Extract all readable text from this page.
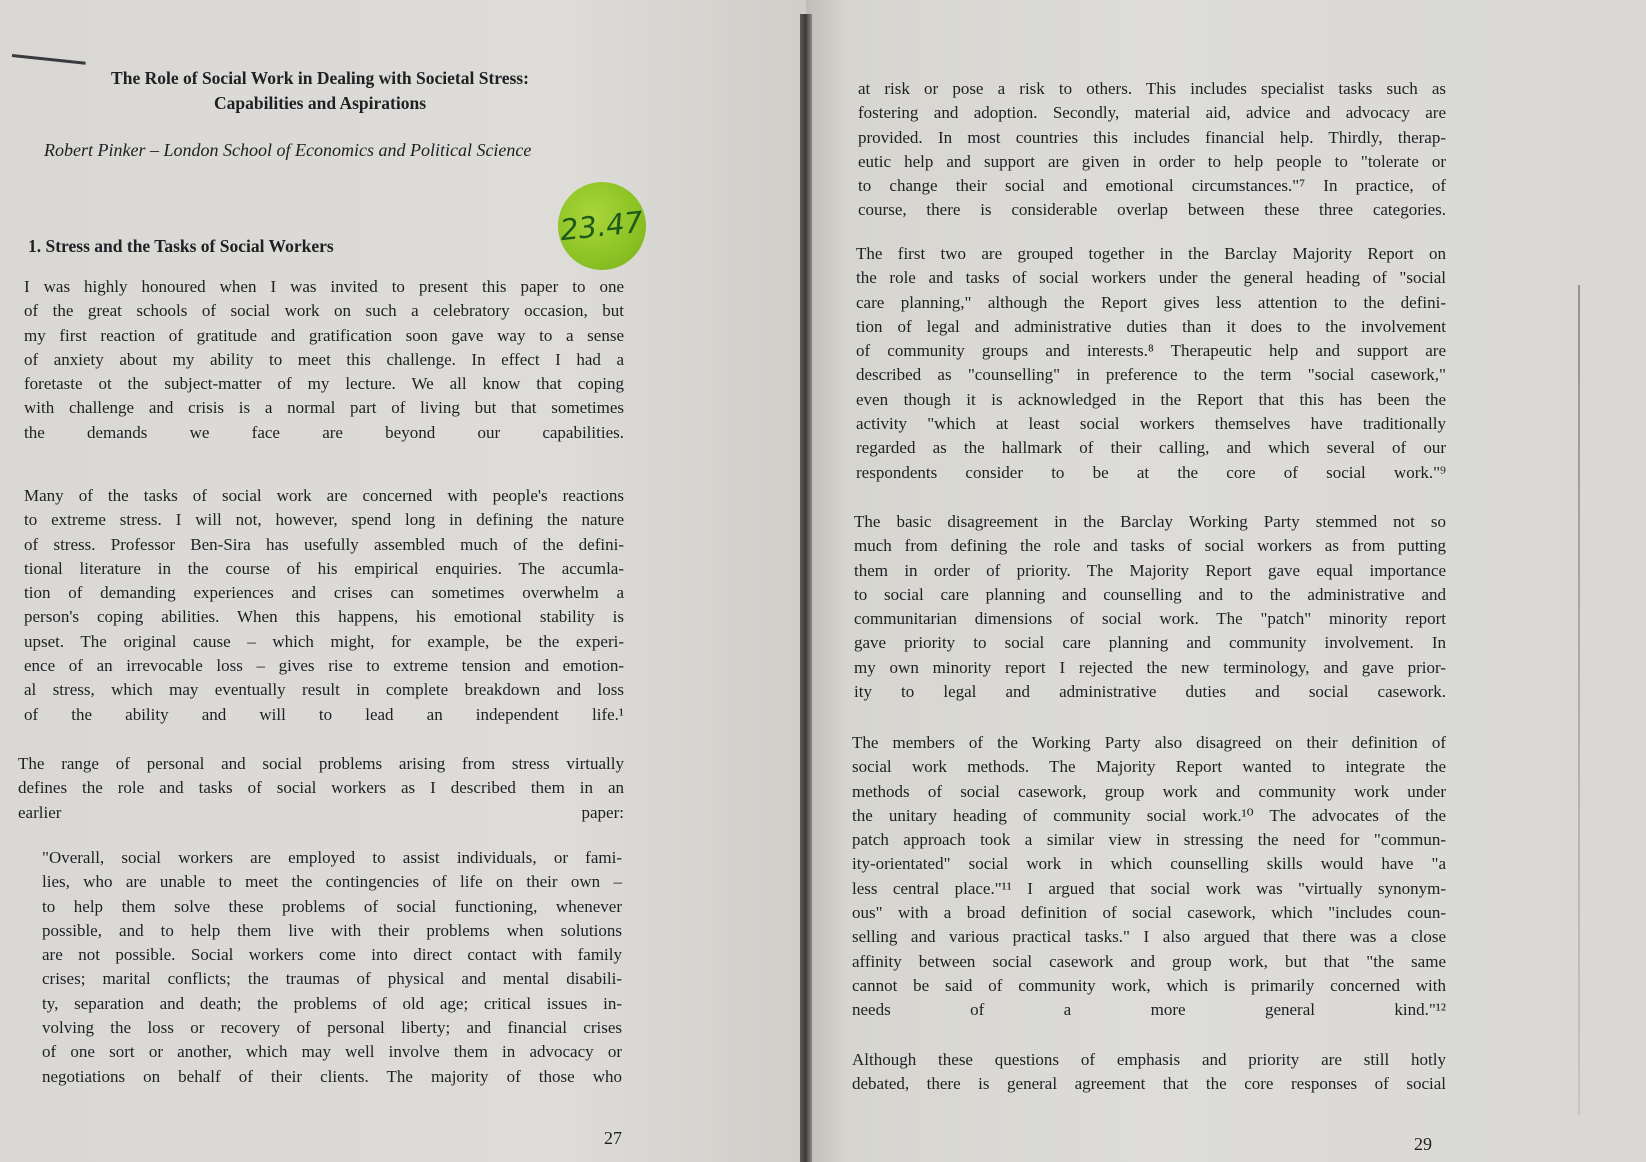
The Role of Social Work in Dealing with Societal Stress:
Capabilities and Aspirations
Robert Pinker – London School of Economics and Political Science
23.47
1. Stress and the Tasks of Social Workers
I was highly honoured when I was invited to present this paper to one
of the great schools of social work on such a celebratory occasion, but
my first reaction of gratitude and gratification soon gave way to a sense
of anxiety about my ability to meet this challenge. In effect I had a
foretaste ot the subject-matter of my lecture. We all know that coping
with challenge and crisis is a normal part of living but that sometimes
the demands we face are beyond our capabilities.
Many of the tasks of social work are concerned with people's reactions
to extreme stress. I will not, however, spend long in defining the nature
of stress. Professor Ben-Sira has usefully assembled much of the defini-
tional literature in the course of his empirical enquiries. The accumla-
tion of demanding experiences and crises can sometimes overwhelm a
person's coping abilities. When this happens, his emotional stability is
upset. The original cause – which might, for example, be the experi-
ence of an irrevocable loss – gives rise to extreme tension and emotion-
al stress, which may eventually result in complete breakdown and loss
of the ability and will to lead an independent life.¹
The range of personal and social problems arising from stress virtually
defines the role and tasks of social workers as I described them in an
earlier paper:
"Overall, social workers are employed to assist individuals, or fami-
lies, who are unable to meet the contingencies of life on their own –
to help them solve these problems of social functioning, whenever
possible, and to help them live with their problems when solutions
are not possible. Social workers come into direct contact with family
crises; marital conflicts; the traumas of physical and mental disabili-
ty, separation and death; the problems of old age; critical issues in-
volving the loss or recovery of personal liberty; and financial crises
of one sort or another, which may well involve them in advocacy or
negotiations on behalf of their clients. The majority of those who
27
at risk or pose a risk to others. This includes specialist tasks such as
fostering and adoption. Secondly, material aid, advice and advocacy are
provided. In most countries this includes financial help. Thirdly, therap-
eutic help and support are given in order to help people to "tolerate or
to change their social and emotional circumstances."⁷ In practice, of
course, there is considerable overlap between these three categories.
The first two are grouped together in the Barclay Majority Report on
the role and tasks of social workers under the general heading of "social
care planning," although the Report gives less attention to the defini-
tion of legal and administrative duties than it does to the involvement
of community groups and interests.⁸ Therapeutic help and support are
described as "counselling" in preference to the term "social casework,"
even though it is acknowledged in the Report that this has been the
activity "which at least social workers themselves have traditionally
regarded as the hallmark of their calling, and which several of our
respondents consider to be at the core of social work."⁹
The basic disagreement in the Barclay Working Party stemmed not so
much from defining the role and tasks of social workers as from putting
them in order of priority. The Majority Report gave equal importance
to social care planning and counselling and to the administrative and
communitarian dimensions of social work. The "patch" minority report
gave priority to social care planning and community involvement. In
my own minority report I rejected the new terminology, and gave prior-
ity to legal and administrative duties and social casework.
The members of the Working Party also disagreed on their definition of
social work methods. The Majority Report wanted to integrate the
methods of social casework, group work and community work under
the unitary heading of community social work.¹⁰ The advocates of the
patch approach took a similar view in stressing the need for "commun-
ity-orientated" social work in which counselling skills would have "a
less central place."¹¹ I argued that social work was "virtually synonym-
ous" with a broad definition of social casework, which "includes coun-
selling and various practical tasks." I also argued that there was a close
affinity between social casework and group work, but that "the same
cannot be said of community work, which is primarily concerned with
needs of a more general kind."¹²
Although these questions of emphasis and priority are still hotly
debated, there is general agreement that the core responses of social
29
